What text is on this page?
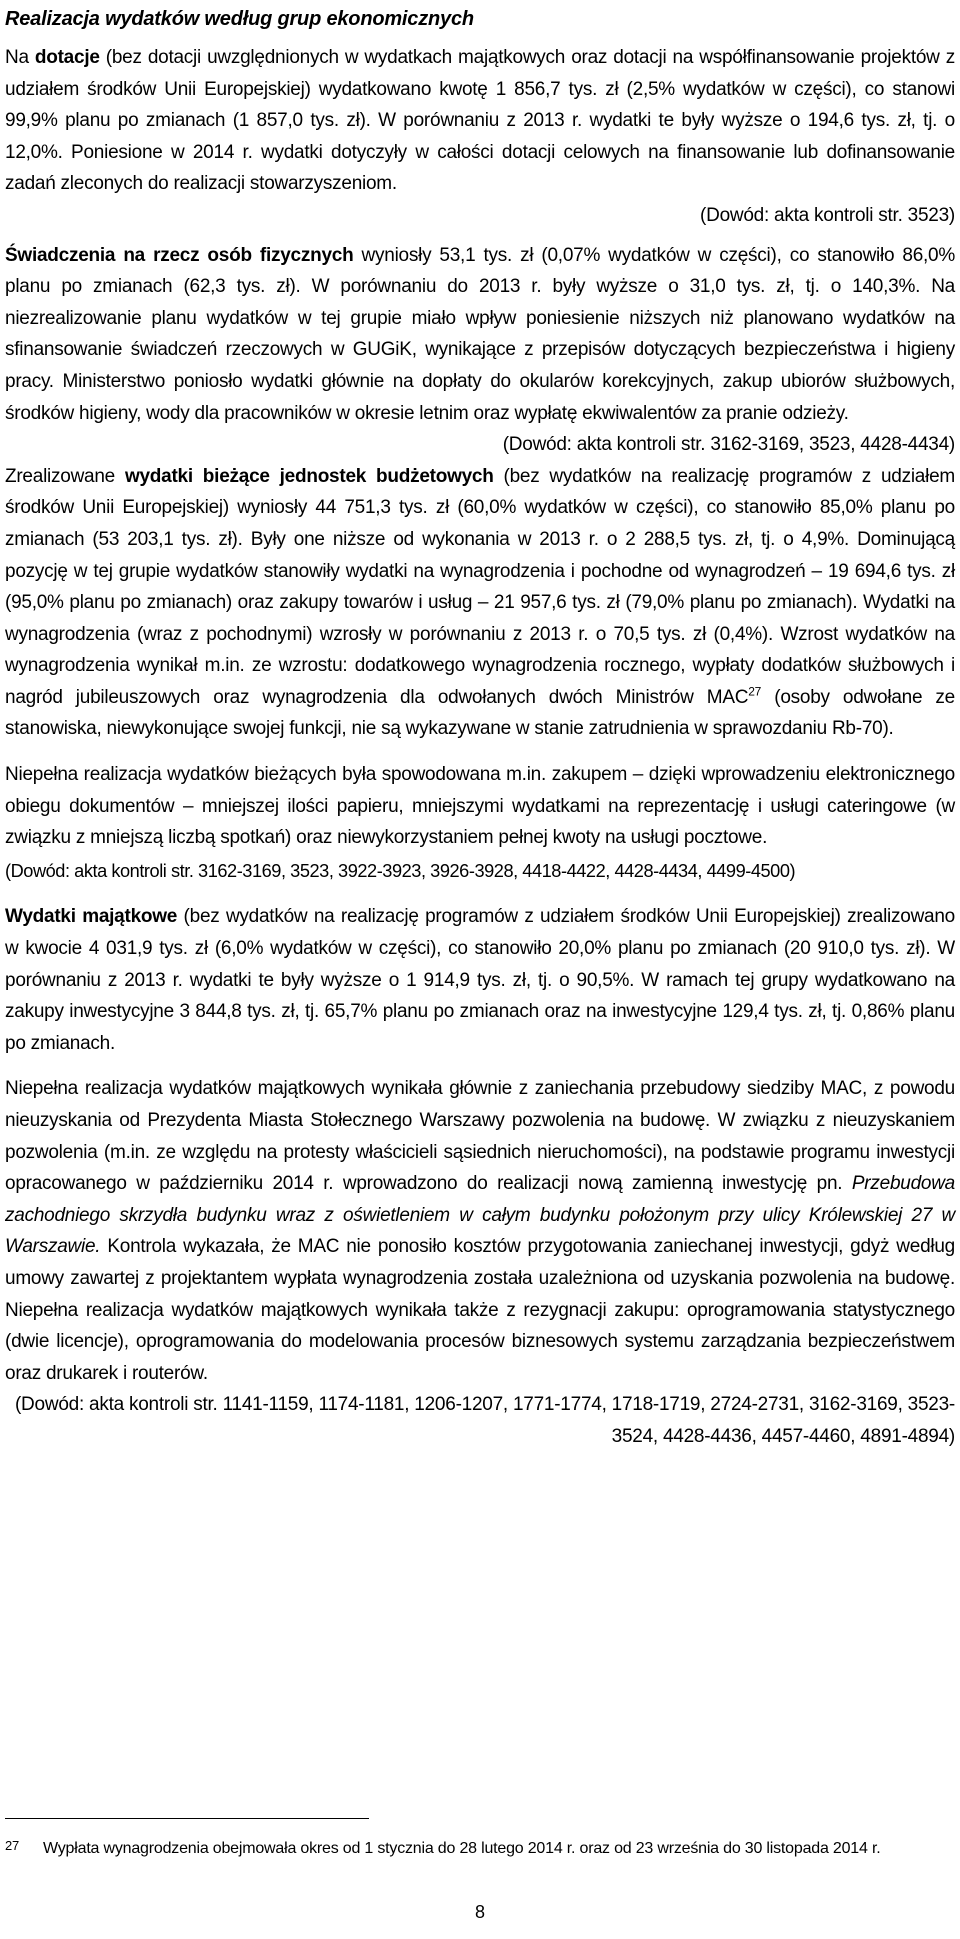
Realizacja wydatków według grup ekonomicznych

Na dotacje (bez dotacji uwzględnionych w wydatkach majątkowych oraz dotacji na współfinansowanie projektów z udziałem środków Unii Europejskiej) wydatkowano kwotę 1 856,7 tys. zł (2,5% wydatków w części), co stanowi 99,9% planu po zmianach (1 857,0 tys. zł). W porównaniu z 2013 r. wydatki te były wyższe o 194,6 tys. zł, tj. o 12,0%. Poniesione w 2014 r. wydatki dotyczyły w całości dotacji celowych na finansowanie lub dofinansowanie zadań zleconych do realizacji stowarzyszeniom.

(Dowód: akta kontroli str. 3523)

Świadczenia na rzecz osób fizycznych wyniosły 53,1 tys. zł (0,07% wydatków w części), co stanowiło 86,0% planu po zmianach (62,3 tys. zł). W porównaniu do 2013 r. były wyższe o 31,0 tys. zł, tj. o 140,3%. Na niezrealizowanie planu wydatków w tej grupie miało wpływ poniesienie niższych niż planowano wydatków na sfinansowanie świadczeń rzeczowych w GUGiK, wynikające z przepisów dotyczących bezpieczeństwa i higieny pracy. Ministerstwo poniosło wydatki głównie na dopłaty do okularów korekcyjnych, zakup ubiorów służbowych, środków higieny, wody dla pracowników w okresie letnim oraz wypłatę ekwiwalentów za pranie odzieży.

(Dowód: akta kontroli str. 3162-3169, 3523, 4428-4434)

Zrealizowane wydatki bieżące jednostek budżetowych (bez wydatków na realizację programów z udziałem środków Unii Europejskiej) wyniosły 44 751,3 tys. zł (60,0% wydatków w części), co stanowiło 85,0% planu po zmianach (53 203,1 tys. zł). Były one niższe od wykonania w 2013 r. o 2 288,5 tys. zł, tj. o 4,9%. Dominującą pozycję w tej grupie wydatków stanowiły wydatki na wynagrodzenia i pochodne od wynagrodzeń – 19 694,6 tys. zł (95,0% planu po zmianach) oraz zakupy towarów i usług – 21 957,6 tys. zł (79,0% planu po zmianach). Wydatki na wynagrodzenia (wraz z pochodnymi) wzrosły w porównaniu z 2013 r. o 70,5 tys. zł (0,4%). Wzrost wydatków na wynagrodzenia wynikał m.in. ze wzrostu: dodatkowego wynagrodzenia rocznego, wypłaty dodatków służbowych i nagród jubileuszowych oraz wynagrodzenia dla odwołanych dwóch Ministrów MAC$^{27}$ (osoby odwołane ze stanowiska, niewykonujące swojej funkcji, nie są wykazywane w stanie zatrudnienia w sprawozdaniu Rb-70).

Niepełna realizacja wydatków bieżących była spowodowana m.in. zakupem – dzięki wprowadzeniu elektronicznego obiegu dokumentów – mniejszej ilości papieru, mniejszymi wydatkami na reprezentację i usługi cateringowe (w związku z mniejszą liczbą spotkań) oraz niewykorzystaniem pełnej kwoty na usługi pocztowe.

(Dowód: akta kontroli str. 3162-3169, 3523, 3922-3923, 3926-3928, 4418-4422, 4428-4434, 4499-4500)

Wydatki majątkowe (bez wydatków na realizację programów z udziałem środków Unii Europejskiej) zrealizowano w kwocie 4 031,9 tys. zł (6,0% wydatków w części), co stanowiło 20,0% planu po zmianach (20 910,0 tys. zł). W porównaniu z 2013 r. wydatki te były wyższe o 1 914,9 tys. zł, tj. o 90,5%. W ramach tej grupy wydatkowano na zakupy inwestycyjne 3 844,8 tys. zł, tj. 65,7% planu po zmianach oraz na inwestycyjne 129,4 tys. zł, tj. 0,86% planu po zmianach.

Niepełna realizacja wydatków majątkowych wynikała głównie z zaniechania przebudowy siedziby MAC, z powodu nieuzyskania od Prezydenta Miasta Stołecznego Warszawy pozwolenia na budowę. W związku z nieuzyskaniem pozwolenia (m.in. ze względu na protesty właścicieli sąsiednich nieruchomości), na podstawie programu inwestycji opracowanego w październiku 2014 r. wprowadzono do realizacji nową zamienną inwestycję pn. Przebudowa zachodniego skrzydła budynku wraz z oświetleniem w całym budynku położonym przy ulicy Królewskiej 27 w Warszawie. Kontrola wykazała, że MAC nie ponosiło kosztów przygotowania zaniechanej inwestycji, gdyż według umowy zawartej z projektantem wypłata wynagrodzenia została uzależniona od uzyskania pozwolenia na budowę. Niepełna realizacja wydatków majątkowych wynikała także z rezygnacji zakupu: oprogramowania statystycznego (dwie licencje), oprogramowania do modelowania procesów biznesowych systemu zarządzania bezpieczeństwem oraz drukarek i routerów.

(Dowód: akta kontroli str. 1141-1159, 1174-1181, 1206-1207, 1771-1774, 1718-1719, 2724-2731, 3162-3169, 3523-3524, 4428-4436, 4457-4460, 4891-4894)

27	Wypłata wynagrodzenia obejmowała okres od 1 stycznia do 28 lutego 2014 r. oraz od 23 września do 30 listopada 2014 r.
8
